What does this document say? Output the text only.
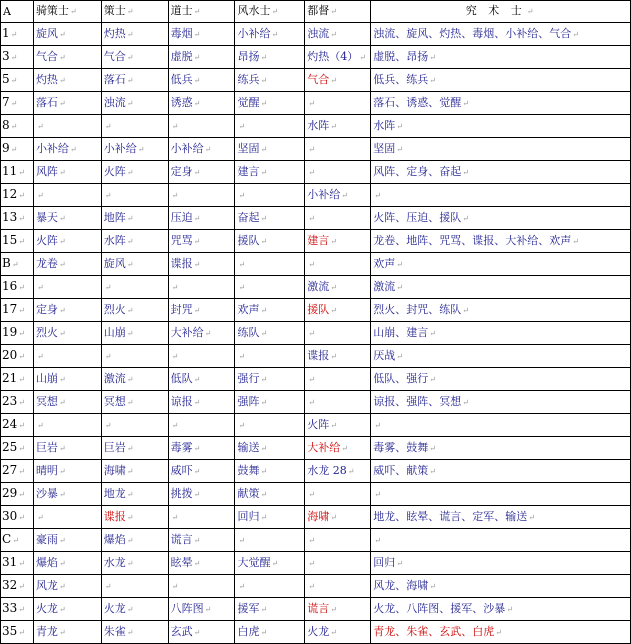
A	骑策士↵	策士↵	道士↵	风水士↵	都督↵	究 术 士↵
1↵	旋风↵	灼热↵	毒烟↵	小补给↵	浊流↵	浊流、旋风、灼热、毒烟、小补给、气合↵
3↵	气合↵	气合↵	虚脱↵	昂扬↵	灼热（4）↵	虚脱、昂扬↵
5↵	灼热↵	落石↵	低兵↵	练兵↵	气合↵	低兵、练兵↵
7↵	落石↵	浊流↵	诱惑↵	觉醒↵	↵	落石、诱惑、觉醒↵
8↵	↵	↵	↵	↵	水阵↵	水阵↵
9↵	小补给↵	小补给↵	小补给↵	坚固↵	↵	坚固↵
11↵	风阵↵	火阵↵	定身↵	建言↵	↵	风阵、定身、奋起↵
12↵	↵	↵	↵	↵	小补给↵	↵
13↵	暴天↵	地阵↵	压迫↵	奋起↵	↵	火阵、压迫、援队↵
15↵	火阵↵	水阵↵	咒骂↵	援队↵	建言↵	龙卷、地阵、咒骂、谍报、大补给、欢声↵
B↵	龙卷↵	旋风↵	谍报↵	↵	↵	欢声↵
16↵	↵	↵	↵	↵	激流↵	激流↵
17↵	定身↵	烈火↵	封咒↵	欢声↵	援队↵	烈火、封咒、练队↵
19↵	烈火↵	山崩↵	大补给↵	练队↵	↵	山崩、建言↵
20↵	↵	↵	↵	↵	谍报↵	厌战↵
21↵	山崩↵	激流↵	低队↵	强行↵	↵	低队、强行↵
23↵	冥想↵	冥想↵	谅报↵	强阵↵	↵	谅报、强阵、冥想↵
24↵	↵	↵	↵	↵	火阵↵	↵
25↵	巨岩↵	巨岩↵	毒雾↵	输送↵	大补给↵	毒雾、鼓舞↵
27↵	晴明↵	海啸↵	威吓↵	鼓舞↵	水龙 28↵	威吓、献策↵
29↵	沙暴↵	地龙↵	挑拨↵	献策↵	↵	↵
30↵	↵	谍报↵	↵	回归↵	海啸↵	地龙、眩晕、谎言、定军、输送↵
C↵	豪雨↵	爆焰↵	谎言↵	↵	↵	↵
31↵	爆焰↵	水龙↵	眩晕↵	大觉醒↵	↵	回归↵
32↵	风龙↵	↵	↵	↵	↵	风龙、海啸↵
33↵	火龙↵	火龙↵	八阵图↵	援军↵	谎言↵	火龙、八阵图、援军、沙暴↵
35↵	青龙↵	朱雀↵	玄武↵	白虎↵	火龙↵	青龙、朱雀、玄武、白虎↵
